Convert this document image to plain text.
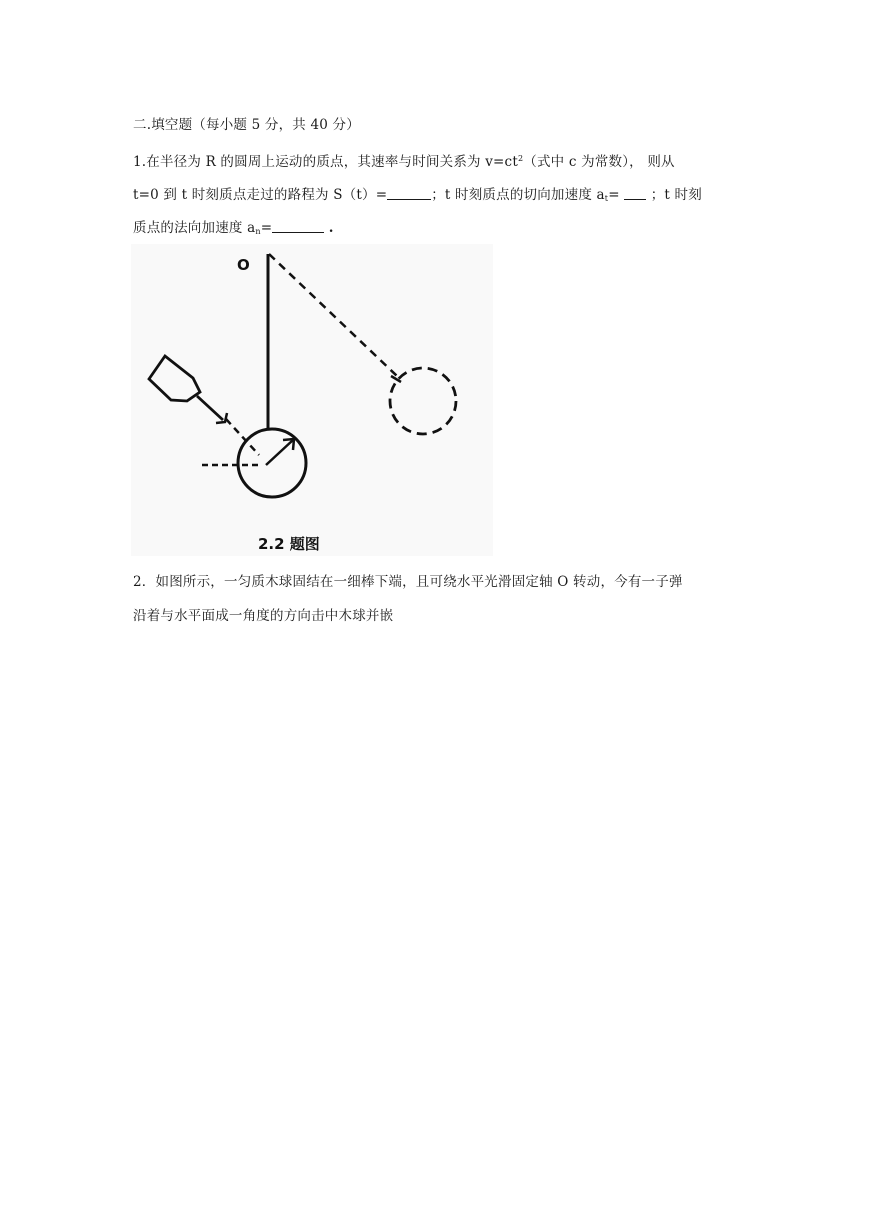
二.填空题（每小题 5 分，共 40 分）
1.在半径为 R 的圆周上运动的质点，其速率与时间关系为 $v=ct^2$（式中 c 为常数）， 则从
t=0 到 t 时刻质点走过的路程为 S（t）=	；t 时刻质点的切向加速度 $a_t=$ ；t 时刻
质点的法向加速度 $a_n=$	.
O
2.2 题图
2．如图所示，一匀质木球固结在一细棒下端，且可绕水平光滑固定轴 O 转动，今有一子弹
沿着与水平面成一角度的方向击中木球并嵌
